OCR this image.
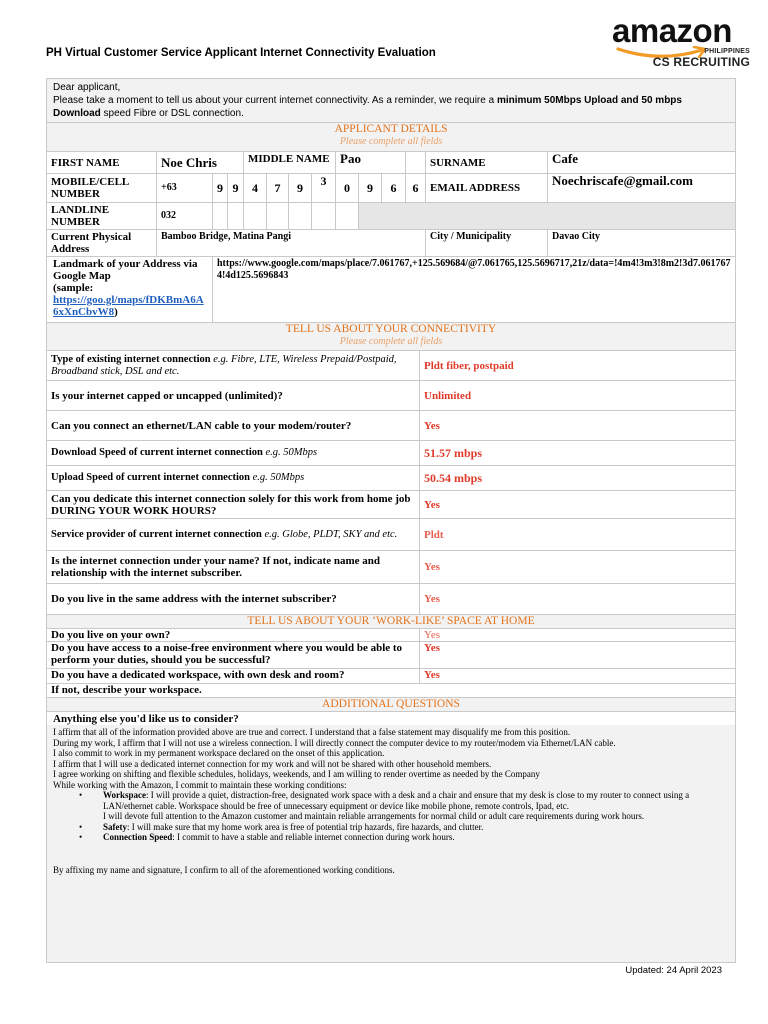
PH Virtual Customer Service Applicant Internet Connectivity Evaluation
amazon
PHILIPPINES
CS RECRUITING
Dear applicant,
Please take a moment to tell us about your current internet connectivity. As a reminder, we require a minimum 50Mbps Upload and 50 mbps
Download speed Fibre or DSL connection.													

APPLICANT DETAILS
Please complete all fields													

FIRST NAME	Noe Chris			MIDDLE NAME				Pao				SURNAME	Cafe
MOBILE/CELL NUMBER	+63	9	9	4	7	9	3	0	9	6	6	EMAIL ADDRESS	Noechriscafe@gmail.com
LANDLINE NUMBER	032												
Current Physical Address	Bamboo Bridge, Matina Pangi											City / Municipality	Davao City
Landmark of your Address via Google Map
(sample:
https://goo.gl/maps/fDKBmA6A6xXnCbvW8)		https://www.google.com/maps/place/7.061767,+125.569684/@7.061765,125.5696717,21z/data=!4m4!3m3!8m2!3d7.0617674!4d125.5696843											
TELL US ABOUT YOUR CONNECTIVITY
Please complete all fields	

Type of existing internet connection e.g. Fibre, LTE, Wireless Prepaid/Postpaid, Broadband stick, DSL and etc.	Pldt fiber, postpaid
Is your internet capped or uncapped (unlimited)?	Unlimited
Can you connect an ethernet/LAN cable to your modem/router?	Yes
Download Speed of current internet connection e.g. 50Mbps	51.57 mbps
Upload Speed of current internet connection e.g. 50Mbps	50.54 mbps
Can you dedicate this internet connection solely for this work from home job DURING YOUR WORK HOURS?	Yes
Service provider of current internet connection e.g. Globe, PLDT, SKY and etc.	Pldt
Is the internet connection under your name? If not, indicate name and relationship with the internet subscriber.	Yes
Do you live in the same address with the internet subscriber?	Yes
TELL US ABOUT YOUR ‘WORK-LIKE’ SPACE AT HOME	

Do you live on your own?	Yes
Do you have access to a noise-free environment where you would be able to perform your duties, should you be successful?	Yes
Do you have a dedicated workspace, with own desk and room?	Yes
If not, describe your workspace.	
ADDITIONAL QUESTIONS

Anything else you'd like us to consider?

I affirm that all of the information provided above are true and correct. I understand that a false statement may disqualify me from this position.
During my work, I affirm that I will not use a wireless connection. I will directly connect the computer device to my router/modem via Ethernet/LAN cable.
I also commit to work in my permanent workspace declared on the onset of this application.
I affirm that I will use a dedicated internet connection for my work and will not be shared with other household members.
I agree working on shifting and flexible schedules, holidays, weekends, and I am willing to render overtime as needed by the Company
While working with the Amazon, I commit to maintain these working conditions:
•	Workspace: I will provide a quiet, distraction-free, designated work space with a desk and a chair and ensure that my desk is close to my router to connect using a LAN/ethernet cable. Workspace should be free of unnecessary equipment or device like mobile phone, remote controls, Ipad, etc.
I will devote full attention to the Amazon customer and maintain reliable arrangements for normal child or adult care requirements during work hours.
•	Safety: I will make sure that my home work area is free of potential trip hazards, fire hazards, and clutter.
•	Connection Speed: I commit to have a stable and reliable internet connection during work hours.
By affixing my name and signature, I confirm to all of the aforementioned working conditions.
Updated: 24 April 2023
